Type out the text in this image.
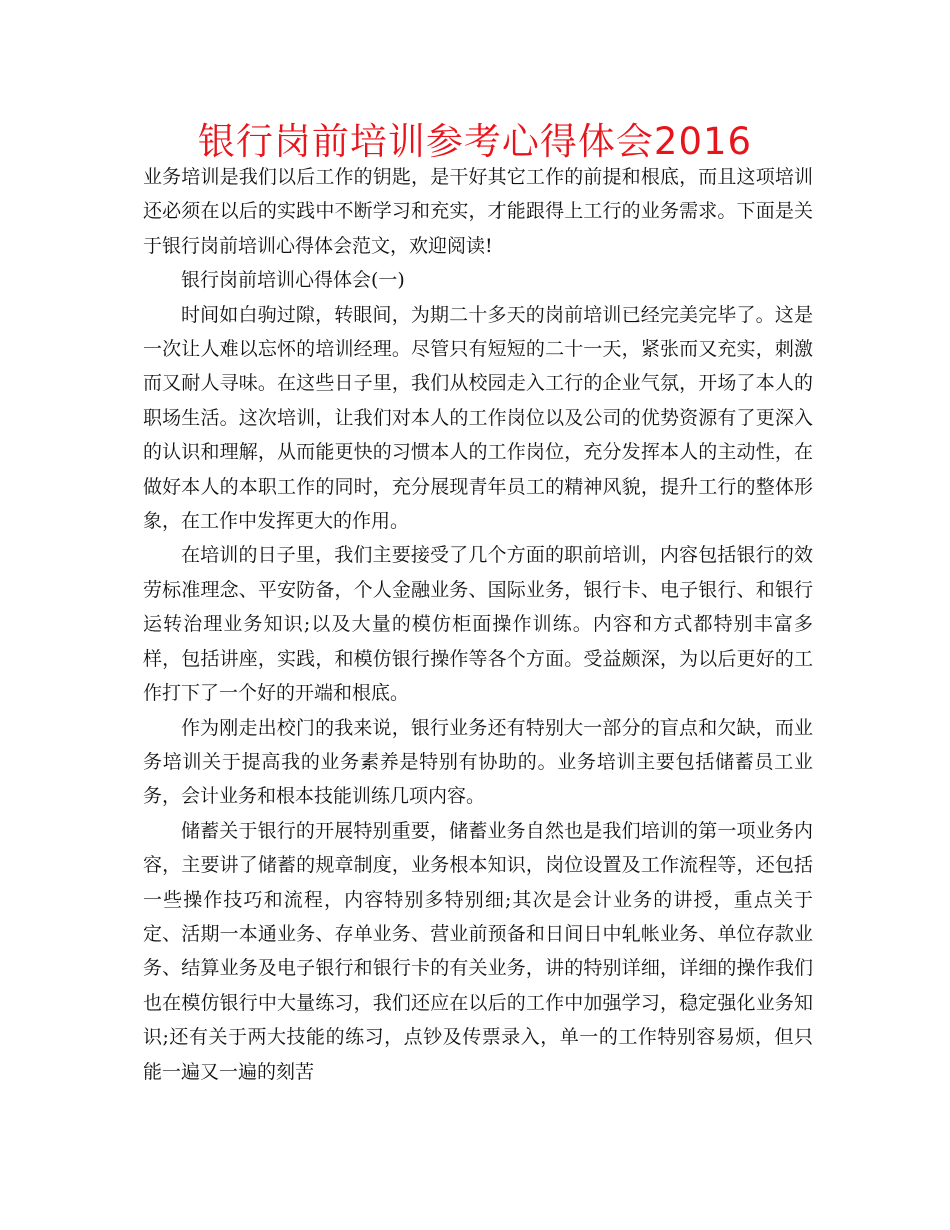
银行岗前培训参考心得体会2016

业务培训是我们以后工作的钥匙，是干好其它工作的前提和根底，而且这项培训还必须在以后的实践中不断学习和充实，才能跟得上工行的业务需求。下面是关于银行岗前培训心得体会范文，欢迎阅读!

银行岗前培训心得体会(一)

时间如白驹过隙，转眼间，为期二十多天的岗前培训已经完美完毕了。这是一次让人难以忘怀的培训经理。尽管只有短短的二十一天，紧张而又充实，刺激而又耐人寻味。在这些日子里，我们从校园走入工行的企业气氛，开场了本人的职场生活。这次培训，让我们对本人的工作岗位以及公司的优势资源有了更深入的认识和理解，从而能更快的习惯本人的工作岗位，充分发挥本人的主动性，在做好本人的本职工作的同时，充分展现青年员工的精神风貌，提升工行的整体形象，在工作中发挥更大的作用。

在培训的日子里，我们主要接受了几个方面的职前培训，内容包括银行的效劳标准理念、平安防备，个人金融业务、国际业务，银行卡、电子银行、和银行运转治理业务知识;以及大量的模仿柜面操作训练。内容和方式都特别丰富多样，包括讲座，实践，和模仿银行操作等各个方面。受益颇深，为以后更好的工作打下了一个好的开端和根底。

作为刚走出校门的我来说，银行业务还有特别大一部分的盲点和欠缺，而业务培训关于提高我的业务素养是特别有协助的。业务培训主要包括储蓄员工业务，会计业务和根本技能训练几项内容。

储蓄关于银行的开展特别重要，储蓄业务自然也是我们培训的第一项业务内容，主要讲了储蓄的规章制度，业务根本知识，岗位设置及工作流程等，还包括一些操作技巧和流程，内容特别多特别细;其次是会计业务的讲授，重点关于定、活期一本通业务、存单业务、营业前预备和日间日中轧帐业务、单位存款业务、结算业务及电子银行和银行卡的有关业务，讲的特别详细，详细的操作我们也在模仿银行中大量练习，我们还应在以后的工作中加强学习，稳定强化业务知识;还有关于两大技能的练习，点钞及传票录入，单一的工作特别容易烦，但只能一遍又一遍的刻苦
